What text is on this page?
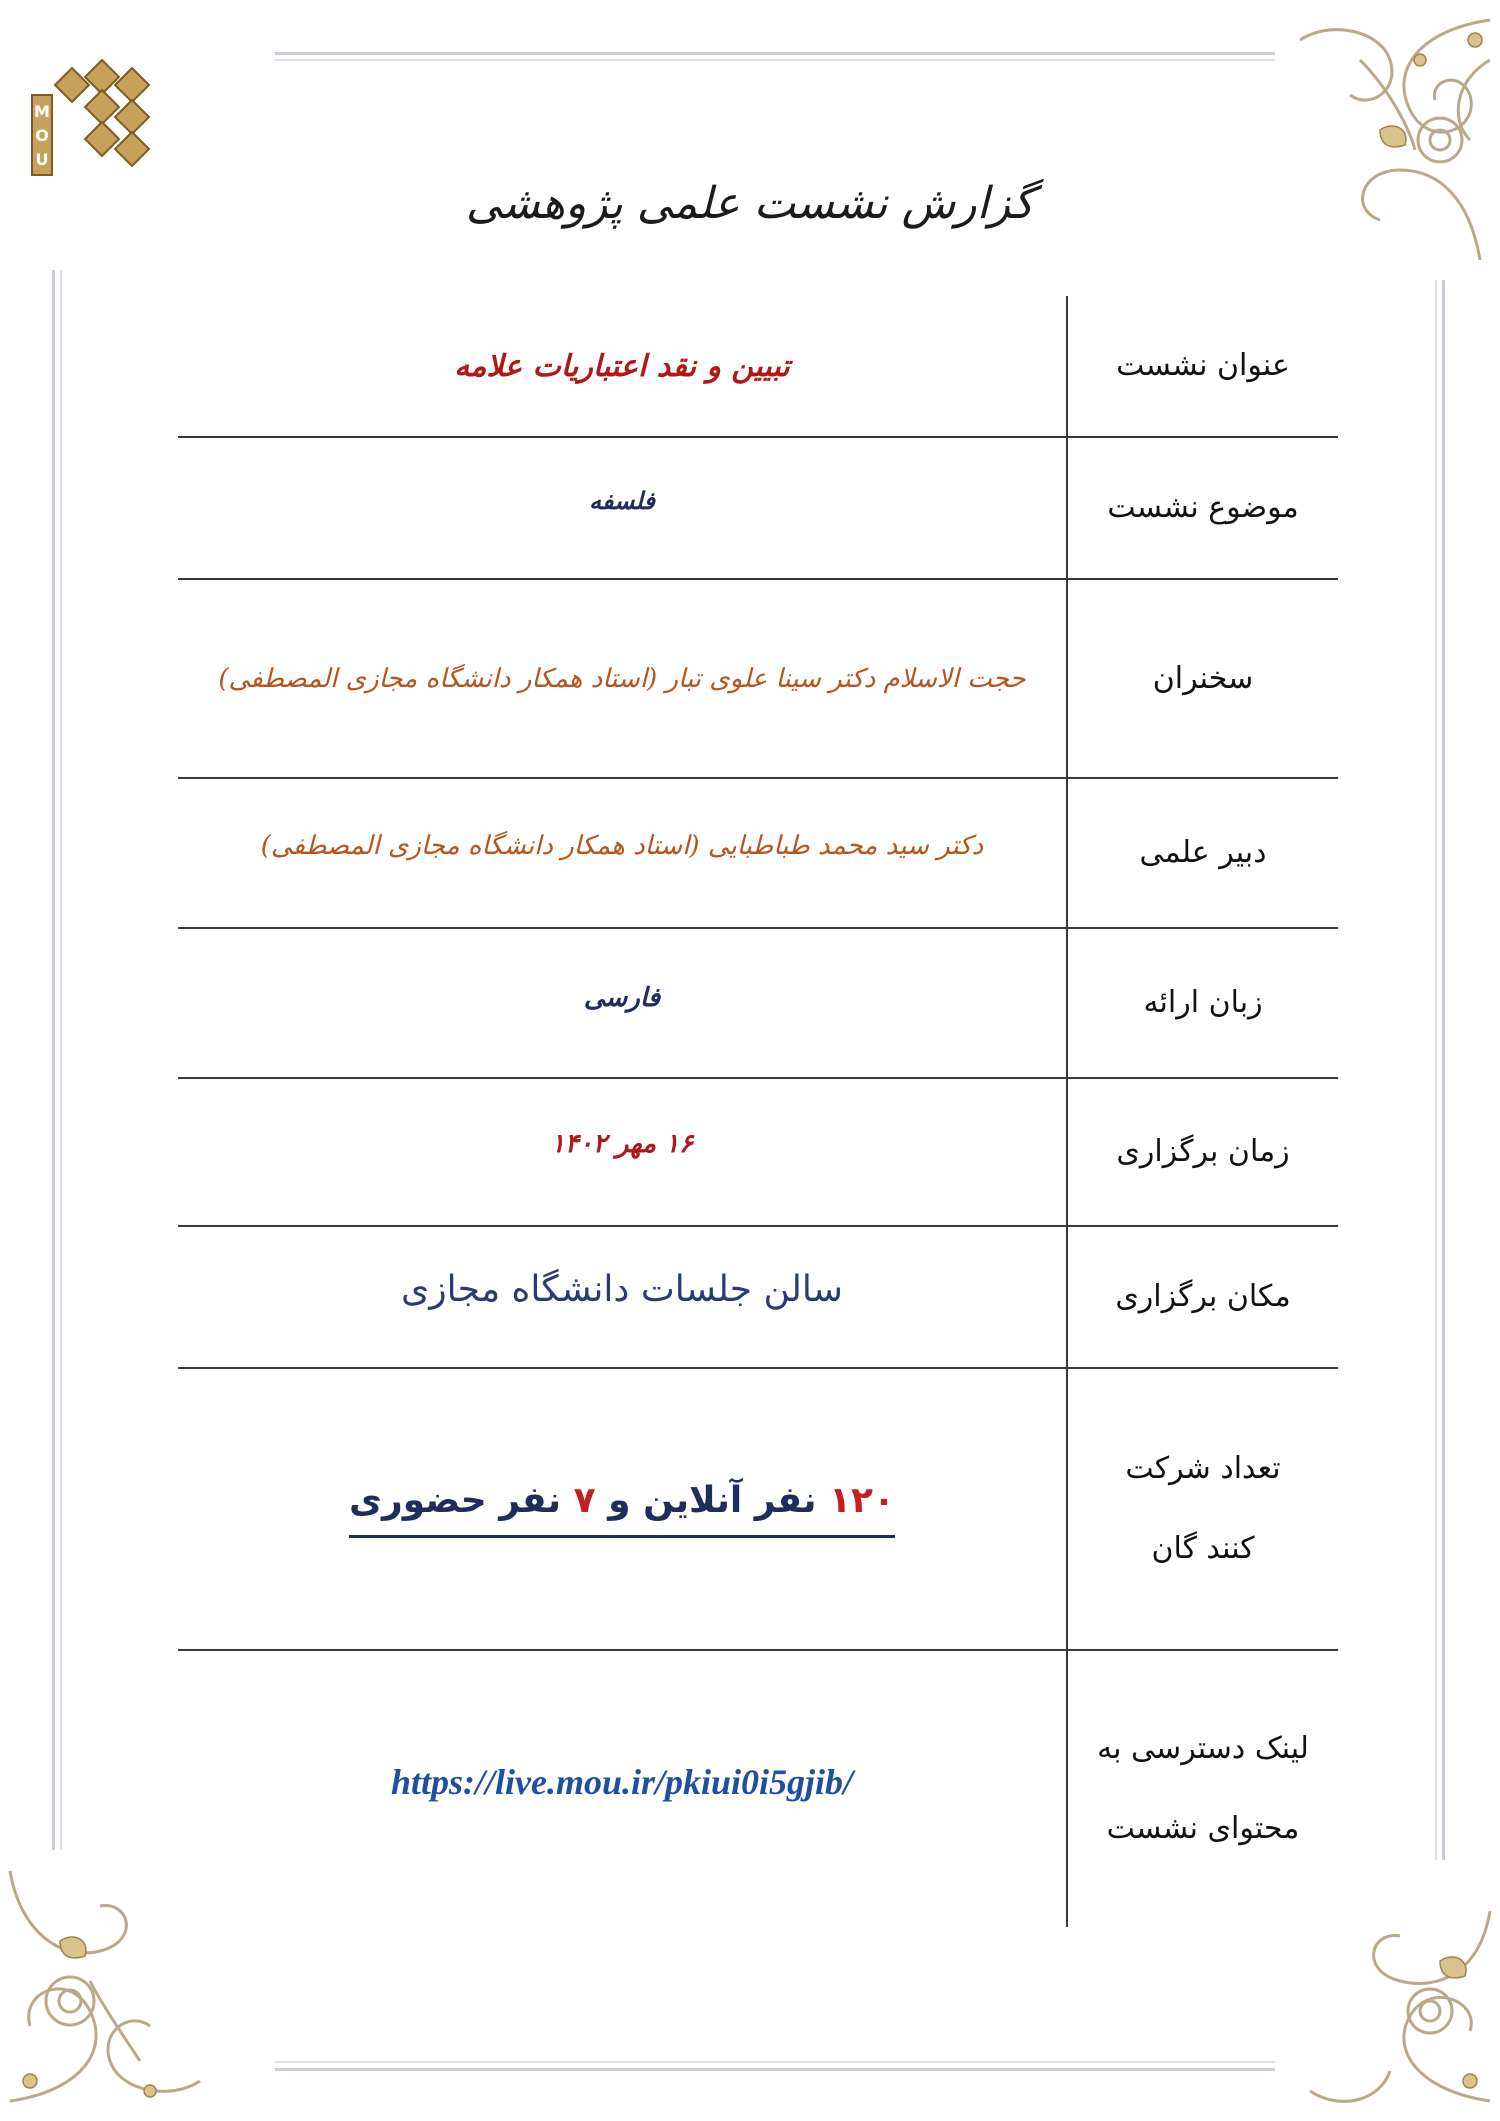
M
O
U
گزارش نشست علمی پژوهشی
عنوان نشست
تبیین و نقد اعتباریات علامه
موضوع نشست
فلسفه
سخنران
حجت الاسلام دکتر سینا علوی تبار (استاد همکار دانشگاه مجازی المصطفی)
دبیر علمی
دکتر سید محمد طباطبایی (استاد همکار دانشگاه مجازی المصطفی)
زبان ارائه
فارسی
زمان برگزاری
۱۶ مهر ۱۴۰۲
مکان برگزاری
سالن جلسات دانشگاه مجازی
تعداد شرکت
کنند گان
۱۲۰ نفر آنلاین و ۷ نفر حضوری
لینک دسترسی به
محتوای نشست
https://live.mou.ir/pkiui0i5gjib/
